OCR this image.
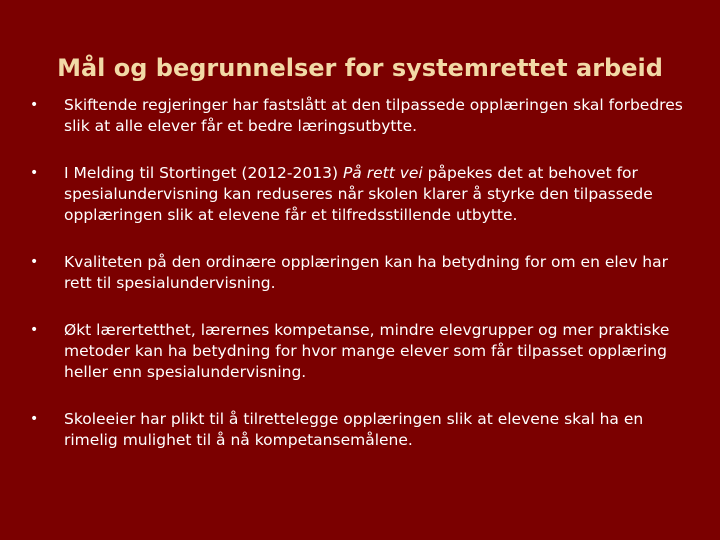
Mål og begrunnelser for systemrettet arbeid
•	Skiftende regjeringer har fastslått at den tilpassede opplæringen skal forbedres slik at alle elever får et bedre læringsutbytte.
•	I Melding til Stortinget (2012-2013) På rett vei påpekes det at behovet for spesialundervisning kan reduseres når skolen klarer å styrke den tilpassede opplæringen slik at elevene får et tilfredsstillende utbytte.
•	Kvaliteten på den ordinære opplæringen kan ha betydning for om en elev har rett til spesialundervisning.
•	Økt lærertetthet, lærernes kompetanse, mindre elevgrupper og mer praktiske metoder kan ha betydning for hvor mange elever som får tilpasset opplæring heller enn spesialundervisning.
•	Skoleeier har plikt til å tilrettelegge opplæringen slik at elevene skal ha en rimelig mulighet til å nå kompetansemålene.
